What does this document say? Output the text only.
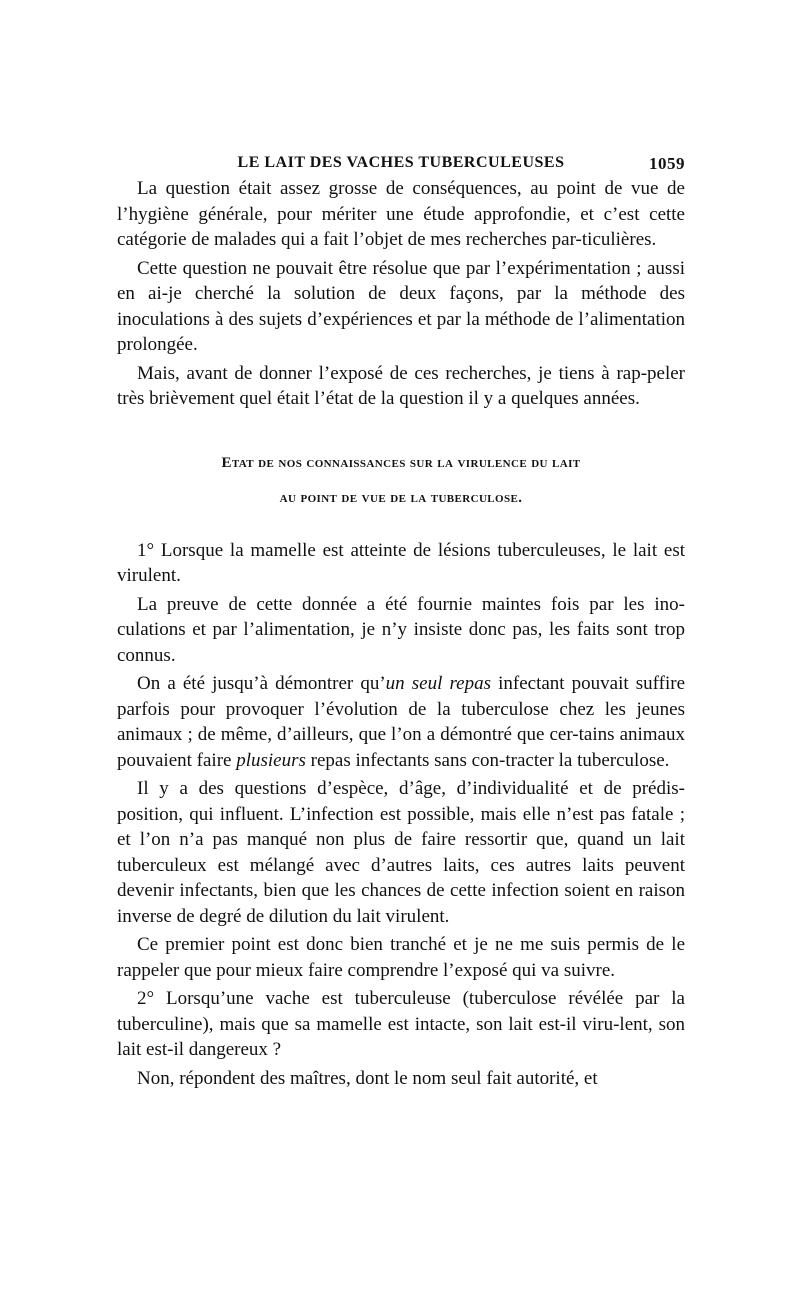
LE LAIT DES VACHES TUBERCULEUSES	1059

La question était assez grosse de conséquences, au point de vue de l’hygiène générale, pour mériter une étude approfondie, et c’est cette catégorie de malades qui a fait l’objet de mes recherches par-ticulières.

Cette question ne pouvait être résolue que par l’expérimentation ; aussi en ai-je cherché la solution de deux façons, par la méthode des inoculations à des sujets d’expériences et par la méthode de l’alimentation prolongée.

Mais, avant de donner l’exposé de ces recherches, je tiens à rap-peler très brièvement quel était l’état de la question il y a quelques années.

Etat de nos connaissances sur la virulence du lait
au point de vue de la tuberculose.

1° Lorsque la mamelle est atteinte de lésions tuberculeuses, le lait est virulent.

La preuve de cette donnée a été fournie maintes fois par les ino-culations et par l’alimentation, je n’y insiste donc pas, les faits sont trop connus.

On a été jusqu’à démontrer qu’un seul repas infectant pouvait suffire parfois pour provoquer l’évolution de la tuberculose chez les jeunes animaux ; de même, d’ailleurs, que l’on a démontré que cer-tains animaux pouvaient faire plusieurs repas infectants sans con-tracter la tuberculose.

Il y a des questions d’espèce, d’âge, d’individualité et de prédis-position, qui influent. L’infection est possible, mais elle n’est pas fatale ; et l’on n’a pas manqué non plus de faire ressortir que, quand un lait tuberculeux est mélangé avec d’autres laits, ces autres laits peuvent devenir infectants, bien que les chances de cette infection soient en raison inverse de degré de dilution du lait virulent.

Ce premier point est donc bien tranché et je ne me suis permis de le rappeler que pour mieux faire comprendre l’exposé qui va suivre.

2° Lorsqu’une vache est tuberculeuse (tuberculose révélée par la tuberculine), mais que sa mamelle est intacte, son lait est-il viru-lent, son lait est-il dangereux ?

Non, répondent des maîtres, dont le nom seul fait autorité, et
